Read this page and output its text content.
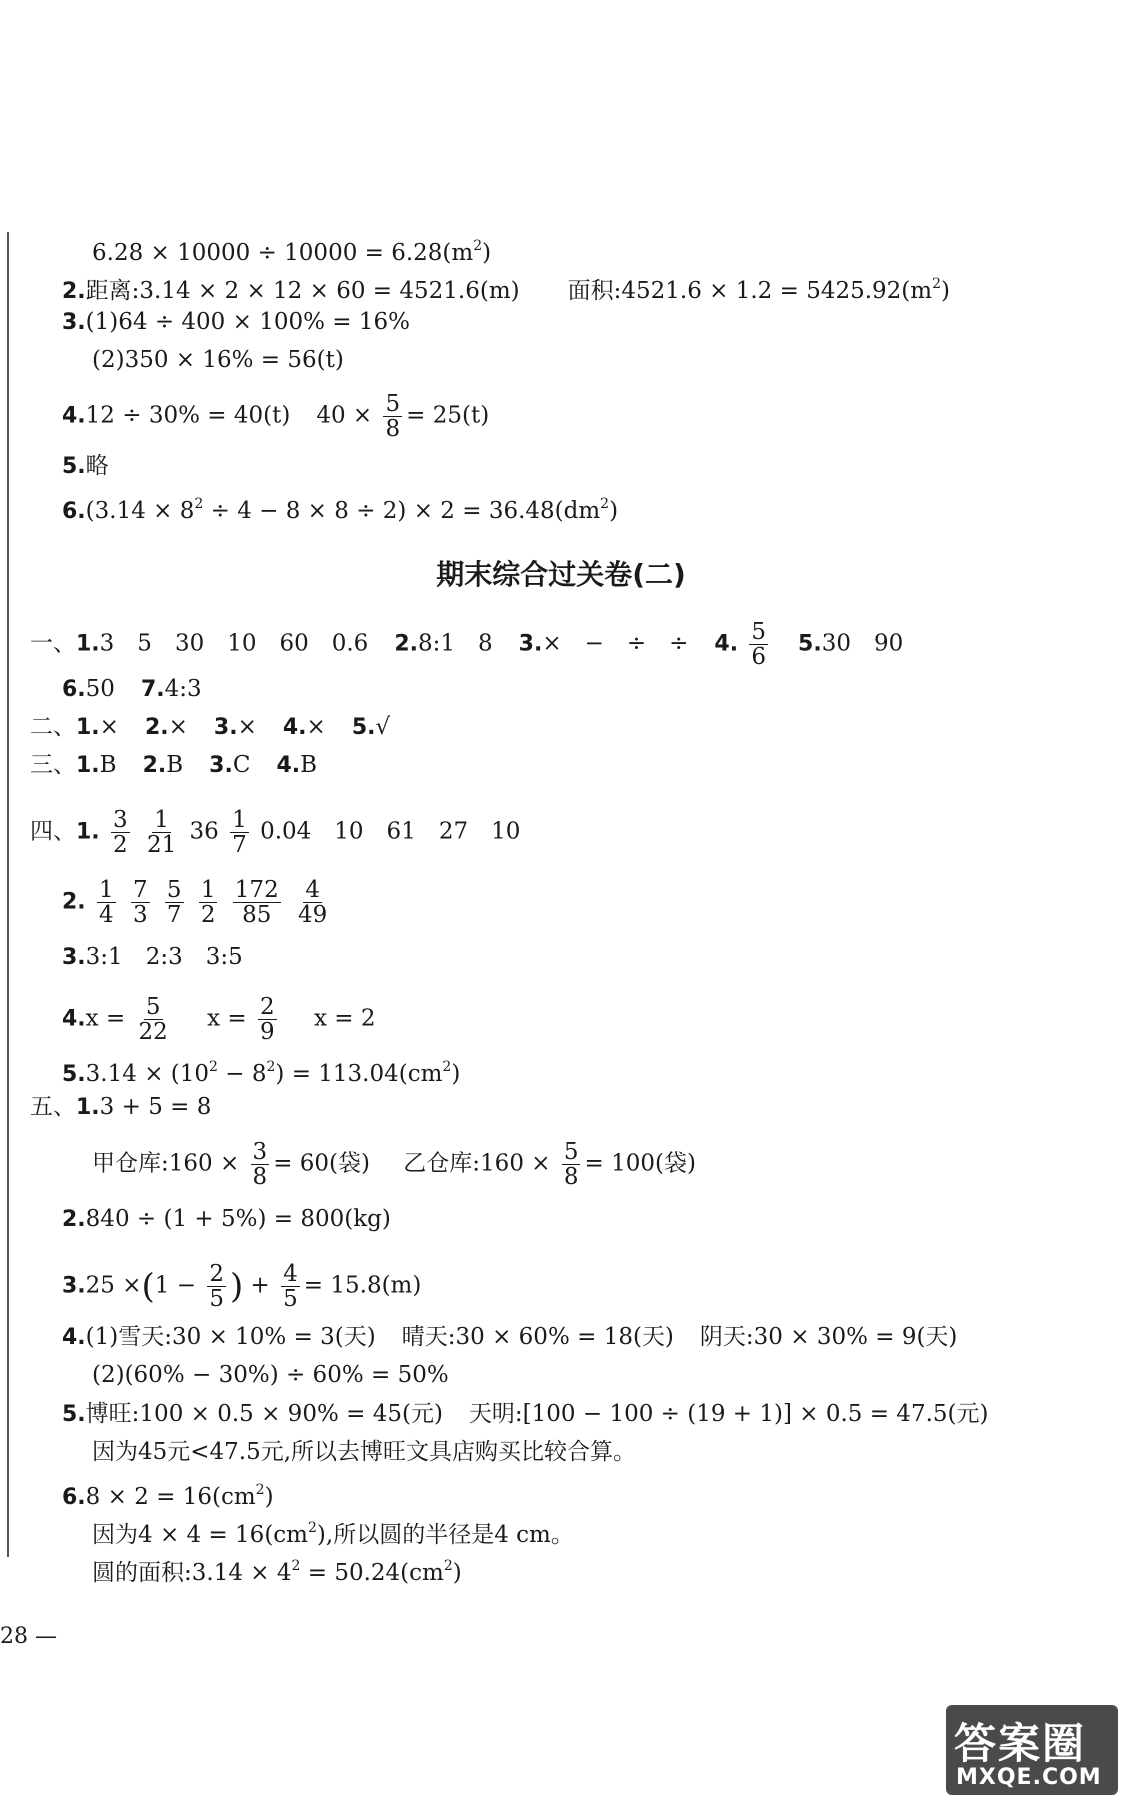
$6.28 \times 10000 \div 10000 = 6.28(m^2)$
2.距离:3.14 × 2 × 12 × 60 = 4521.6(m) 面积:4521.6 × $1.2 = 5425.92(m^2)$
3.(1)64 ÷ 400 × 100% = 16%
(2)350 × 16% = 56(t)
4.12 ÷ 30% = 40(t) $40 \times \frac{5}{8} = 25(t)$
5.略
$6.(3.14 \times 8^2 \div 4 - 8 \times 8 \div 2) \times 2 = 36.48(dm^2)$
期末综合过关卷(二)
一、1.3　5　30　10　60　0.6 2.8:1　8 3.×　−　÷　÷ 4. $\frac{5}{6} 5.30$　90
6.50 7.4:3
二、1.× 2.× 3.× 4.× 5.√
三、1.B 2.B 3.C 4.B
四、1. $\frac{3}{2}$
$\frac{1}{21} 36 \frac{1}{7} 0.04$　10　61　27　10
2. $\frac{1}{4}$
$\frac{7}{3}$
$\frac{5}{7}$
$\frac{1}{2}$
$\frac{172}{85}$
$\frac{4}{49}$
3.3:1　2:3　3:5
$4.x = \frac{5}{22}$ $x = \frac{2}{9}$ x = 2
$5.3.14 \times (10^2 - 8^2) = 113.04(cm^2)$
五、1.3 + 5 = 8
甲仓库:160 × $\frac{3}{8} = 60$(袋) 乙仓库:160 × $\frac{5}{8} = 100$(袋)
2.840 ÷ (1 + 5%) = 800(kg)
$3.25 \times(1 - \frac{2}{5}$ ) + $\frac{4}{5} = 15.8(m)$
4.(1)雪天:30 × 10% = 3(天) 晴天:30 × 60% = 18(天) 阴天:30 × 30% = 9(天)
(2)(60% − 30%) ÷ 60% = 50%
5.博旺:100 × 0.5 × 90% = 45(元) 天明:[100 − 100 ÷ (19 + 1)] × 0.5 = 47.5(元)
因为45元<47.5元,所以去博旺文具店购买比较合算。
$6.8 \times 2 = 16(cm^2)$
因为$4 \times 4 = 16(cm^2)$,所以圆的半径是4 cm。
圆的面积:3.14 × $4^2 = 50.24(cm^2)$
28 —
答案圈
MXQE.COM
